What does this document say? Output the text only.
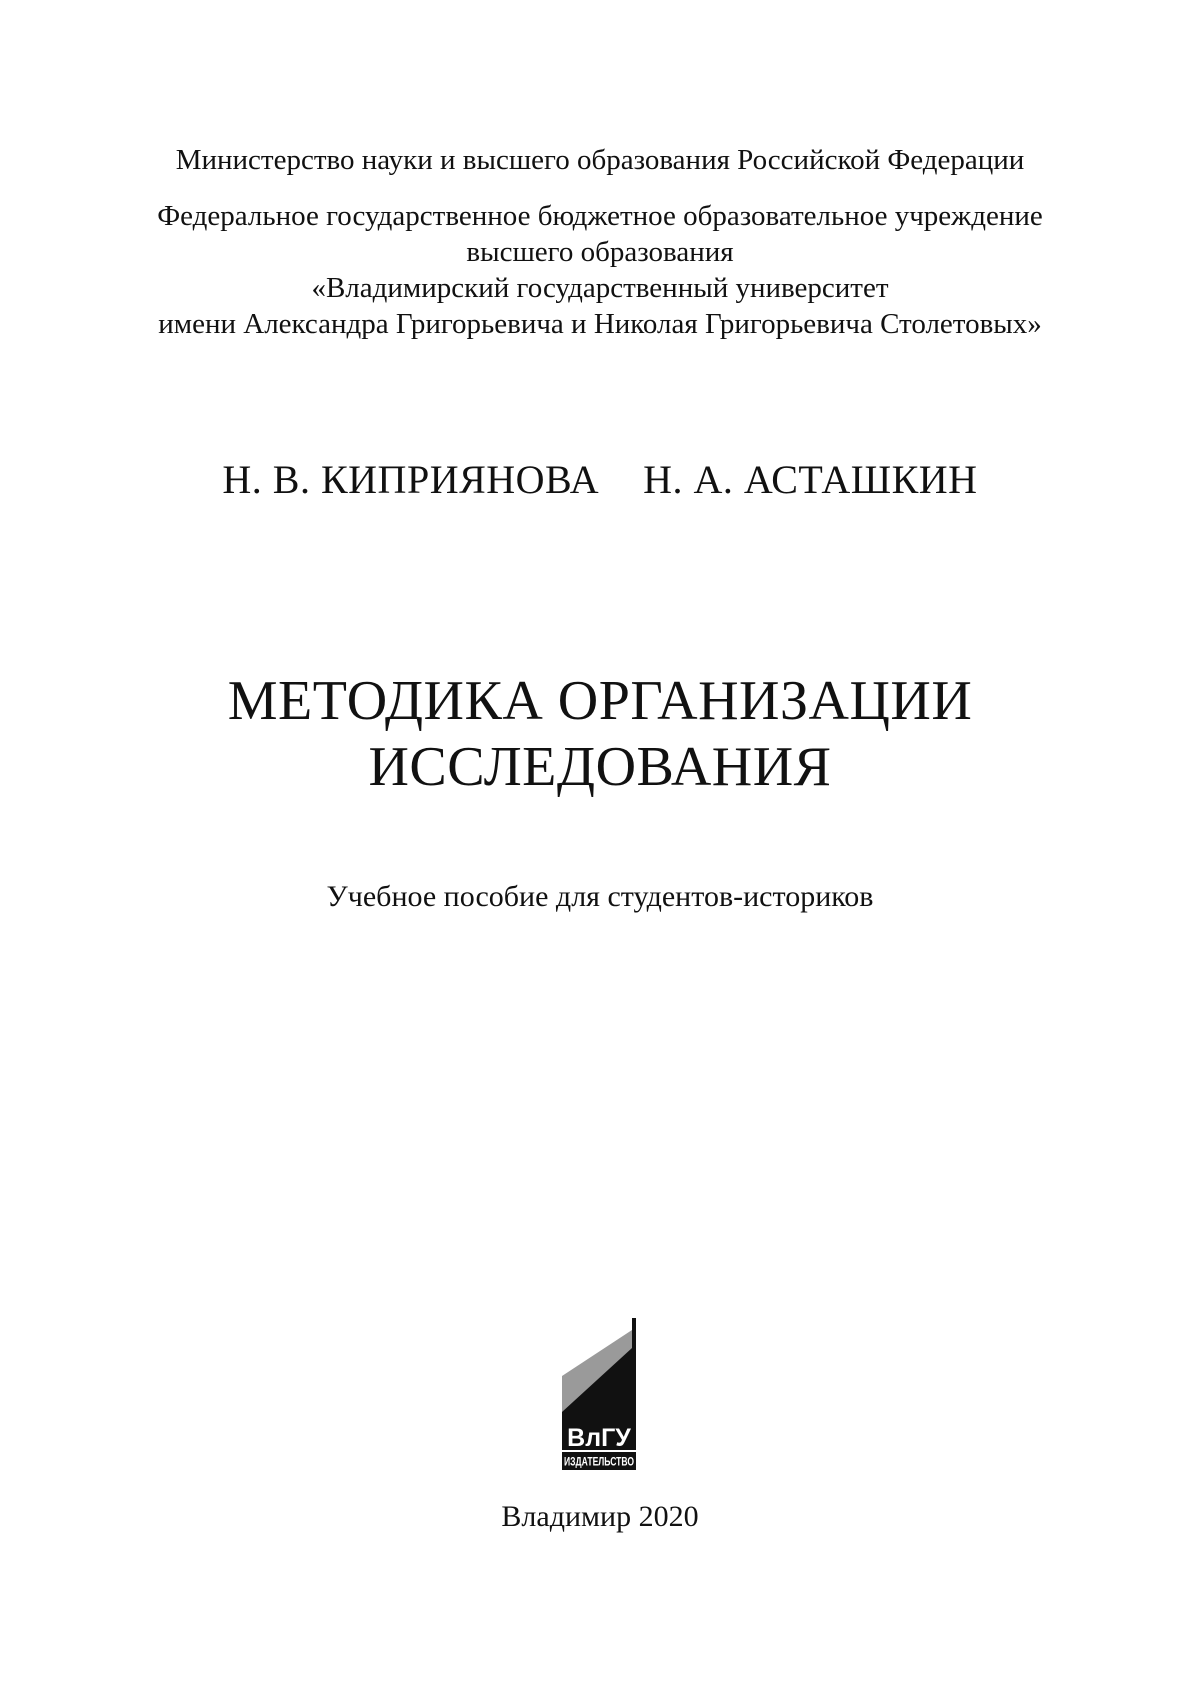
Министерство науки и высшего образования Российской Федерации
Федеральное государственное бюджетное образовательное учреждение
высшего образования
«Владимирский государственный университет
имени Александра Григорьевича и Николая Григорьевича Столетовых»
Н. В. КИПРИЯНОВА Н. А. АСТАШКИН
МЕТОДИКА ОРГАНИЗАЦИИ
ИССЛЕДОВАНИЯ
Учебное пособие для студентов-историков
ВлГУ
ИЗДАТЕЛЬСТВО
Владимир 2020
